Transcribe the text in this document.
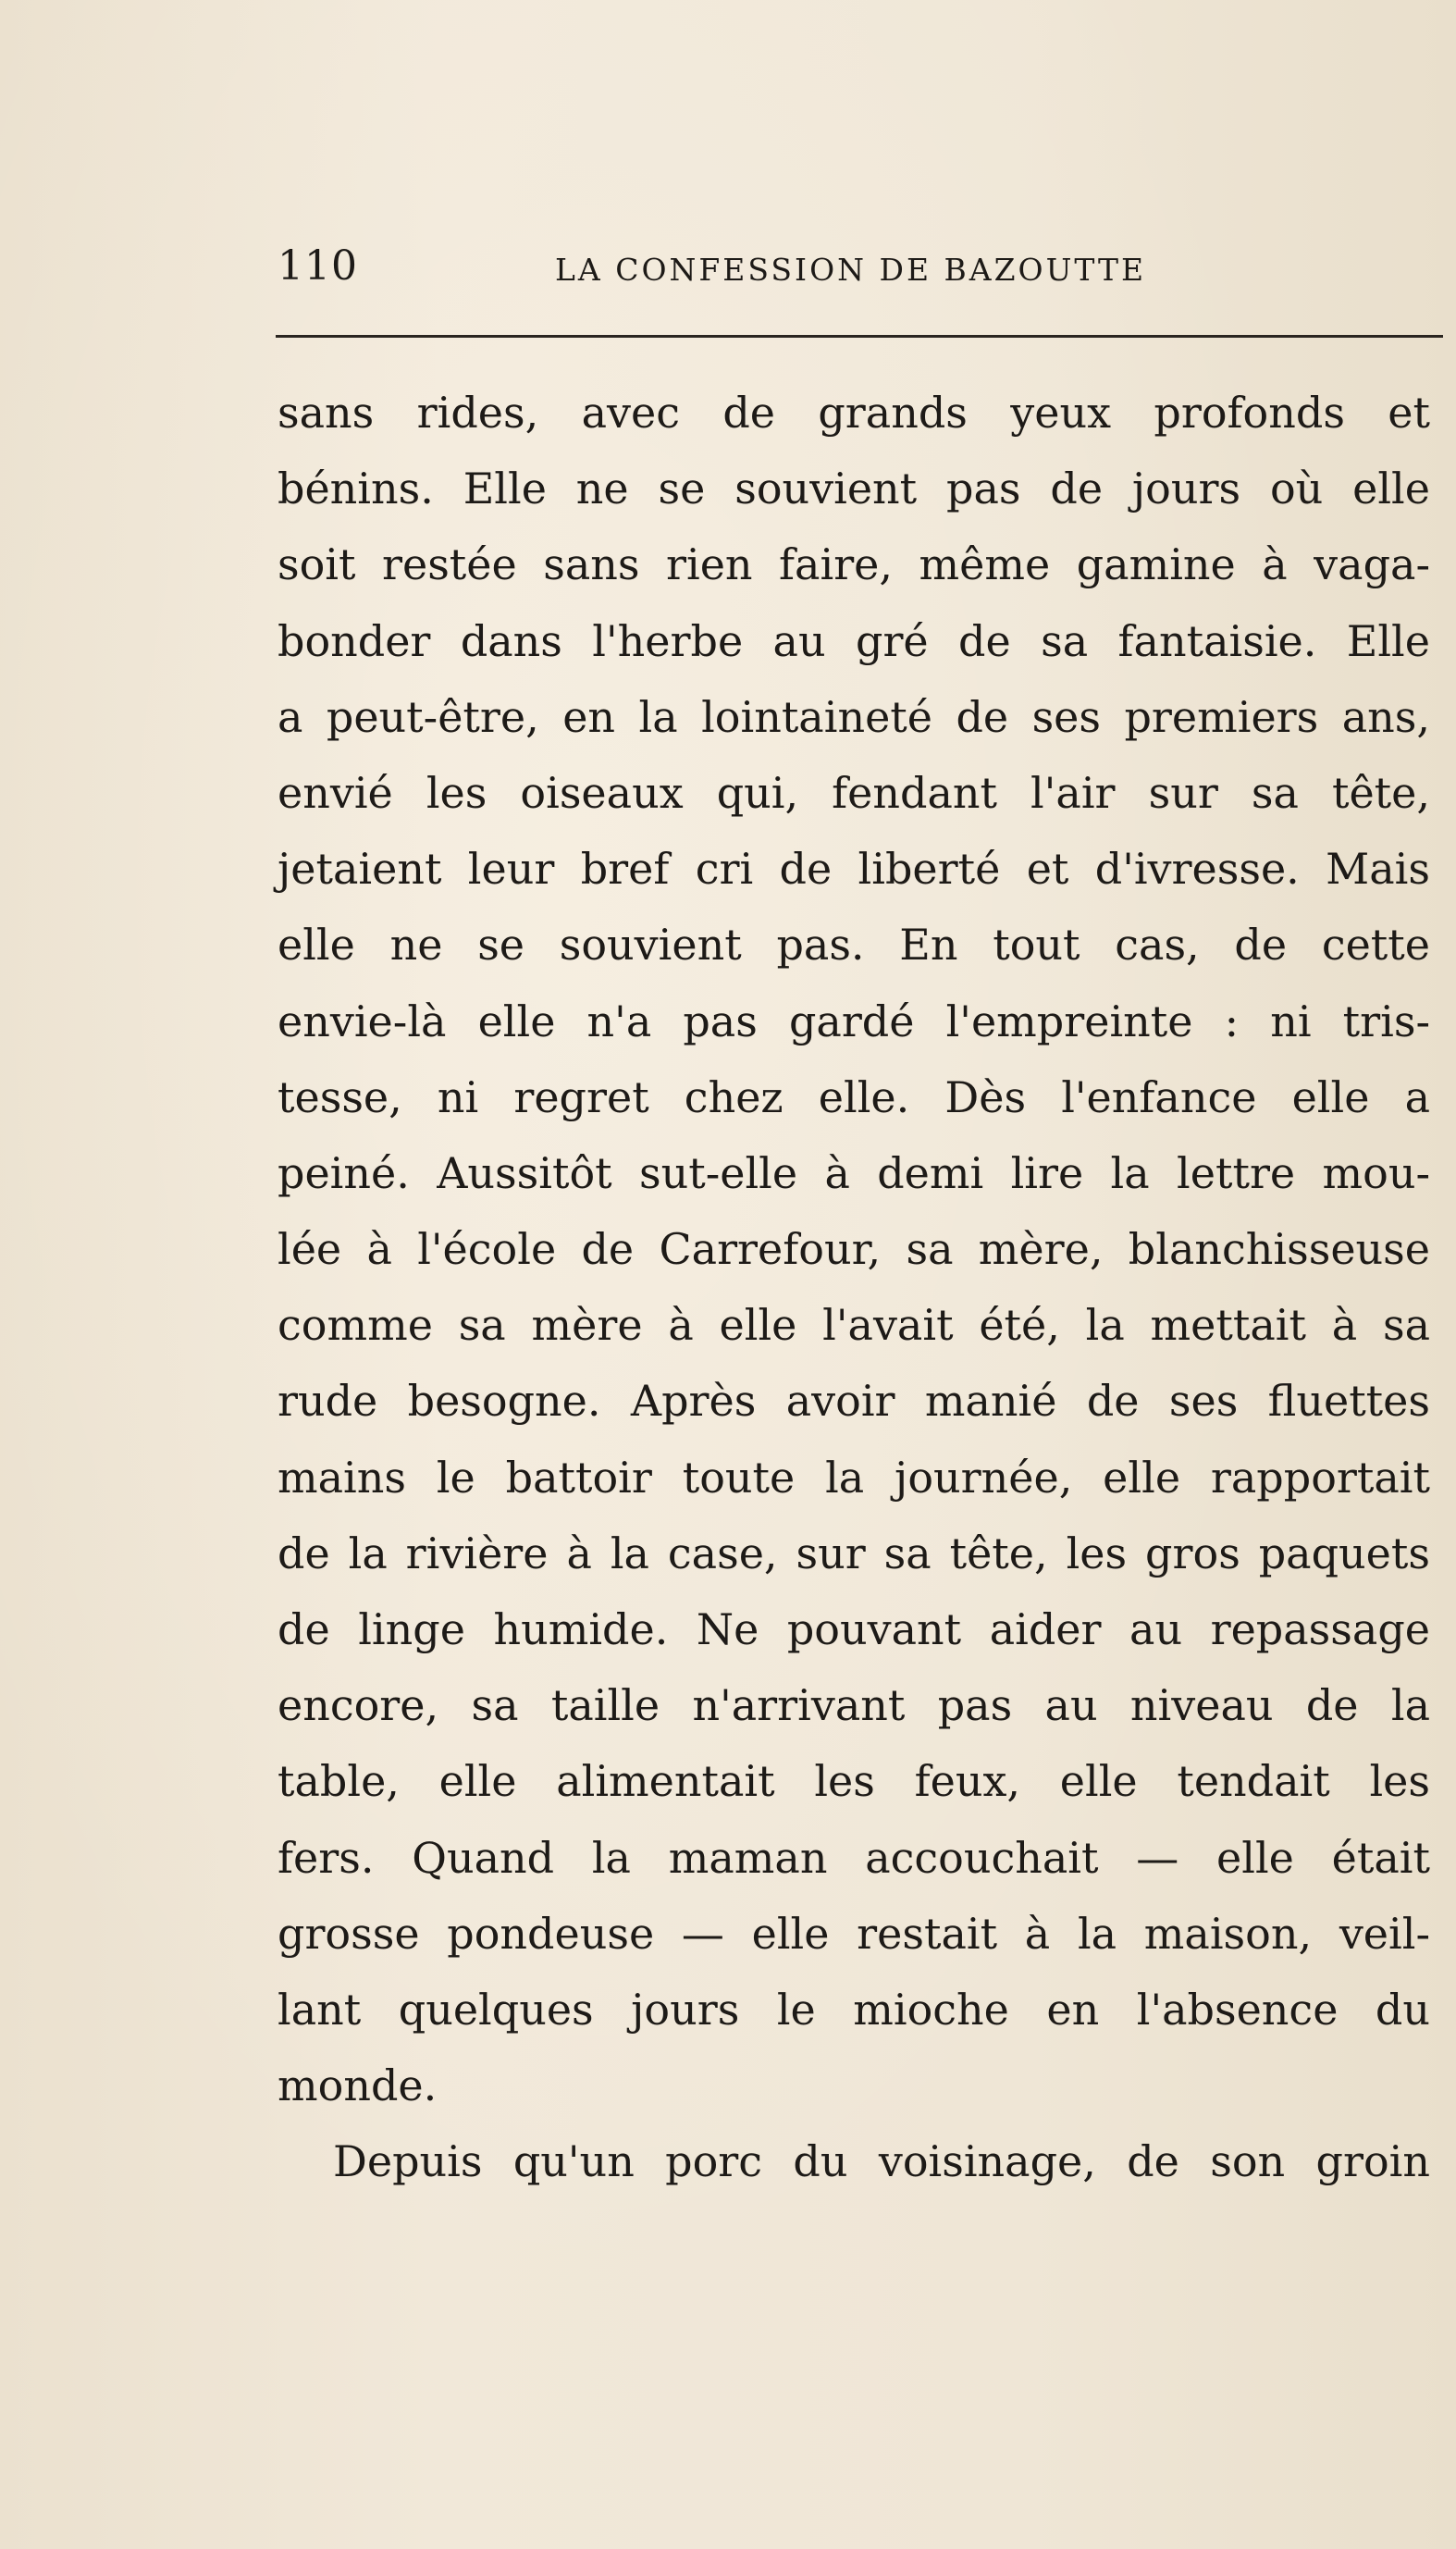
110	LA CONFESSION DE BAZOUTTE
sans rides, avec de grands yeux profonds et
bénins. Elle ne se souvient pas de jours où elle
soit restée sans rien faire, même gamine à vaga-
bonder dans l'herbe au gré de sa fantaisie. Elle
a peut-être, en la lointaineté de ses premiers ans,
envié les oiseaux qui, fendant l'air sur sa tête,
jetaient leur bref cri de liberté et d'ivresse. Mais
elle ne se souvient pas. En tout cas, de cette
envie-là elle n'a pas gardé l'empreinte : ni tris-
tesse, ni regret chez elle. Dès l'enfance elle a
peiné. Aussitôt sut-elle à demi lire la lettre mou-
lée à l'école de Carrefour, sa mère, blanchisseuse
comme sa mère à elle l'avait été, la mettait à sa
rude besogne. Après avoir manié de ses fluettes
mains le battoir toute la journée, elle rapportait
de la rivière à la case, sur sa tête, les gros paquets
de linge humide. Ne pouvant aider au repassage
encore, sa taille n'arrivant pas au niveau de la
table, elle alimentait les feux, elle tendait les
fers. Quand la maman accouchait — elle était
grosse pondeuse — elle restait à la maison, veil-
lant quelques jours le mioche en l'absence du
monde.
Depuis qu'un porc du voisinage, de son groin
